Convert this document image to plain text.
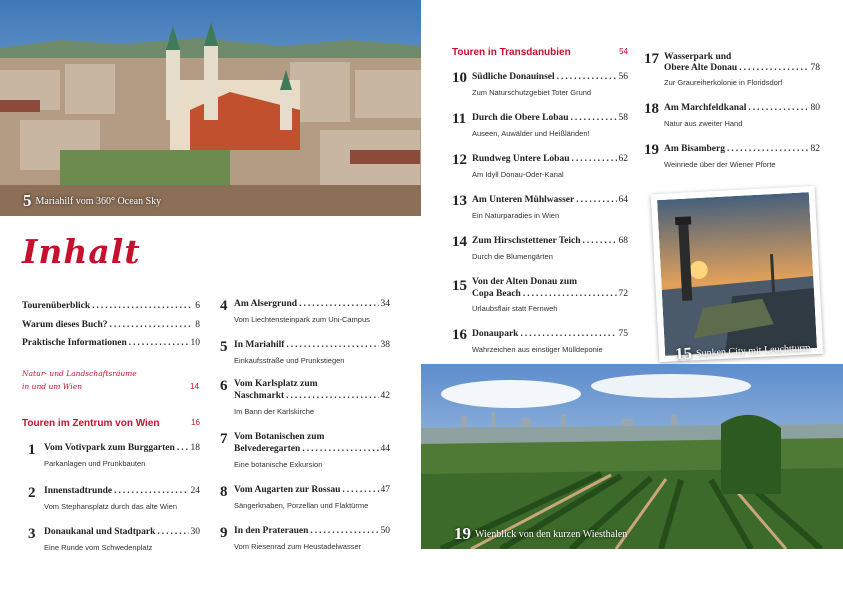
5 Mariahilf vom 360° Ocean Sky
Inhalt
Tourenüberblick .....	6
Warum dieses Buch? .....	8
Praktische Informationen .....	10
Natur- und Landschaftsräume
in und um Wien	14
Touren im Zentrum von Wien	16
1 Vom Votivpark zum Burggarten ..... 18
Parkanlagen und Prunkbauten
2 Innenstadtrunde .....	24
Vom Stephansplatz durch das alte Wien
3 Donaukanal und Stadtpark .....	30
Eine Runde vom Schwedenplatz
4 Am Alsergrund .....	34
Vom Liechtensteinpark zum Uni-Campus
5 In Mariahilf .....	38
Einkaufsstraße und Prunkstiegen
6 Vom Karlsplatz zum
Naschmarkt .....	42
Im Bann der Karlskirche
7 Vom Botanischen zum
Belvederegarten .....	44
Eine botanische Exkursion
8 Vom Augarten zur Rossau .....	47
Sängerknaben, Porzellan und Flaktürme
9 In den Praterauen .....	50
Vom Riesenrad zum Heustadelwasser
Touren in Transdanubien	54
10 Südliche Donauinsel .....	56
Zum Naturschutzgebiet Toter Grund
11 Durch die Obere Lobau .....	58
Auseen, Auwälder und Heißländen!
12 Rundweg Untere Lobau .....	62
Am Idyll Donau-Oder-Kanal
13 Am Unteren Mühlwasser .....	64
Ein Naturparadies in Wien
14 Zum Hirschstettener Teich .....	68
Durch die Blumengärten
15 Von der Alten Donau zum
Copa Beach .....	72
Urlaubsflair statt Fernweh
16 Donaupark .....	75
Wahrzeichen aus einstiger Mülldeponie
17 Wasserpark und
Obere Alte Donau .....	78
Zur Graureiherkolonie in Floridsdorf
18 Am Marchfeldkanal .....	80
Natur aus zweiter Hand
19 Am Bisamberg .....	82
Weinriede über der Wiener Pforte
15 Sunken City mit Leuchtturm
19 Wienblick von den kurzen Wiesthalen
